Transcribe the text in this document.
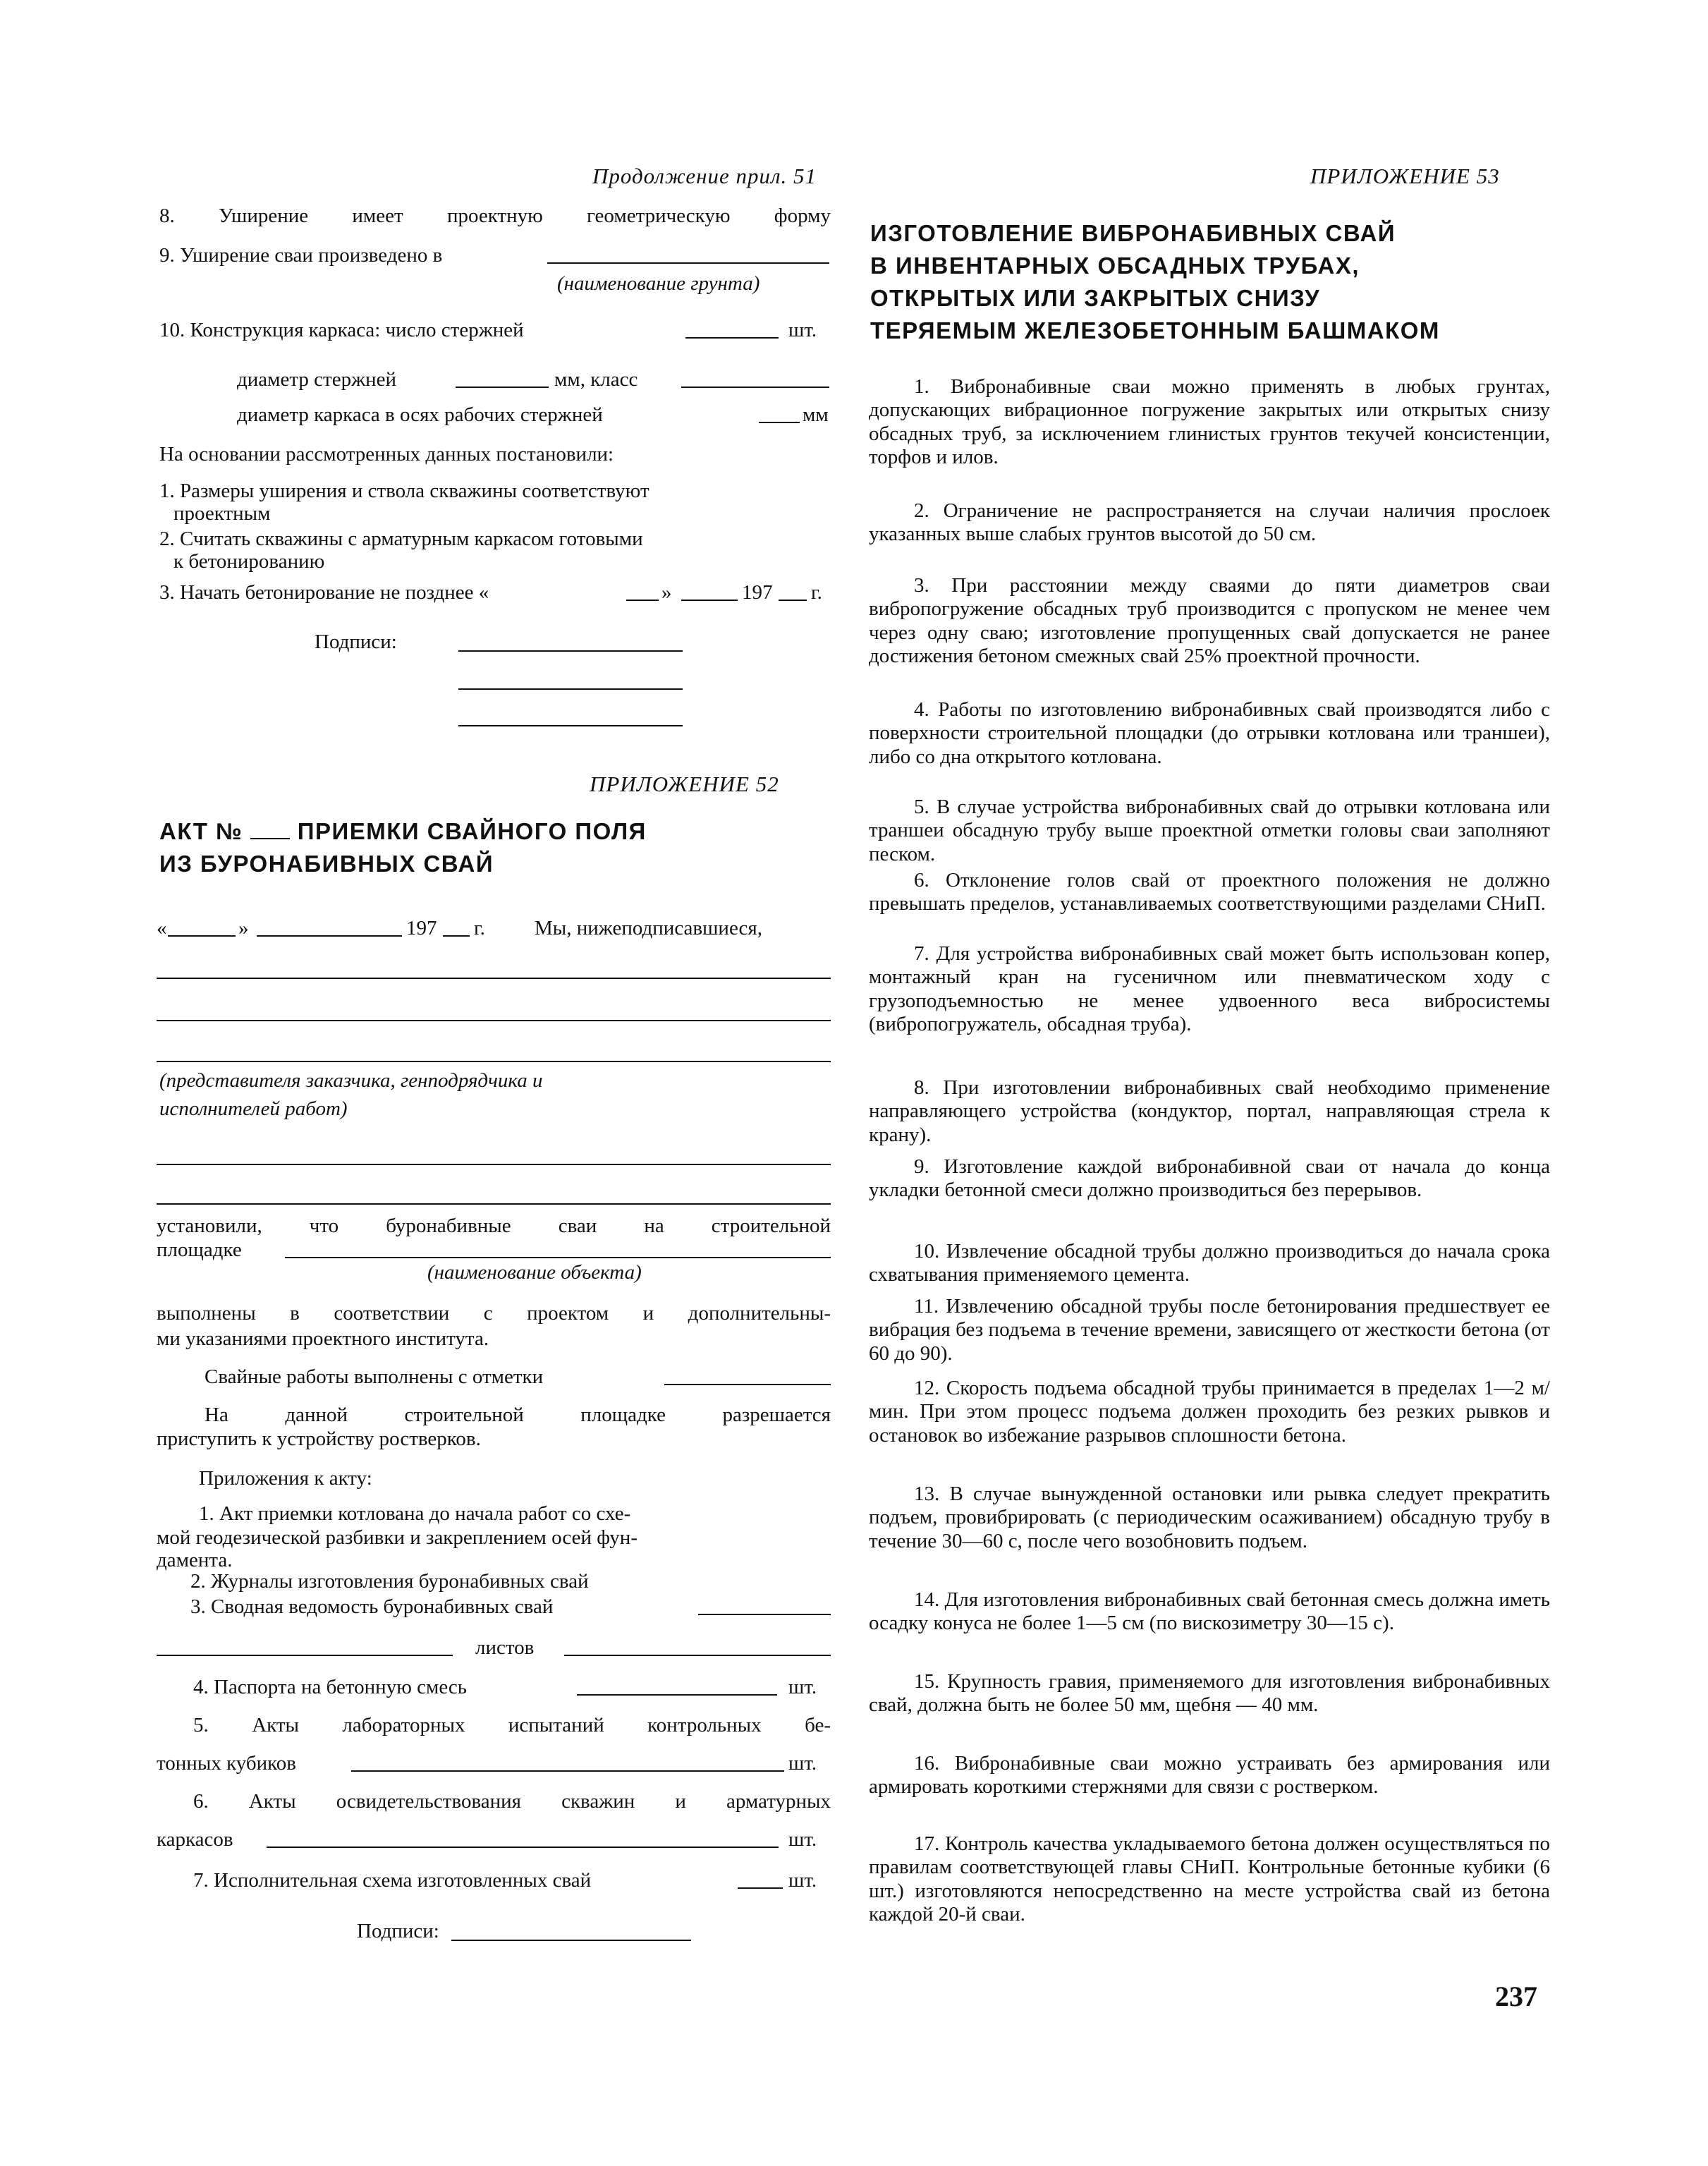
Продолжение прил. 51
8. Уширение имеет проектную геометрическую форму
9. Уширение сваи произведено в
(наименование грунта)
10. Конструкция каркаса: число стержней	шт.
диаметр стержней	мм, класс
диаметр каркаса в осях рабочих стержней	мм
На основании рассмотренных данных постановили:
1. Размеры уширения и ствола скважины соответствуют
проектным
2. Считать скважины с арматурным каркасом готовыми
к бетонированию
3. Начать бетонирование не позднее «	»	197 г.
Подписи:
ПРИЛОЖЕНИЕ 52
АКТ № ПРИЕМКИ СВАЙНОГО ПОЛЯ
ИЗ БУРОНАБИВНЫХ СВАЙ
«	»	197 г. Мы, нижеподписавшиеся,
(представителя заказчика, генподрядчика и
исполнителей работ)
установили, что буронабивные сваи на строительной
площадке
(наименование объекта)
выполнены в соответствии с проектом и дополнительны-
ми указаниями проектного института.
Свайные работы выполнены с отметки
На данной строительной площадке разрешается
приступить к устройству ростверков.
Приложения к акту:
1. Акт приемки котлована до начала работ со схе-
мой геодезической разбивки и закреплением осей фун-
дамента.
2. Журналы изготовления буронабивных свай
3. Сводная ведомость буронабивных свай
листов
4. Паспорта на бетонную смесь	шт.
5. Акты лабораторных испытаний контрольных бе-
тонных кубиков	шт.
6. Акты освидетельствования скважин и арматурных
каркасов	шт.
7. Исполнительная схема изготовленных свай	шт.
Подписи:
ПРИЛОЖЕНИЕ 53
ИЗГОТОВЛЕНИЕ ВИБРОНАБИВНЫХ СВАЙ
В ИНВЕНТАРНЫХ ОБСАДНЫХ ТРУБАХ,
ОТКРЫТЫХ ИЛИ ЗАКРЫТЫХ СНИЗУ
ТЕРЯЕМЫМ ЖЕЛЕЗОБЕТОННЫМ БАШМАКОМ
1. Вибронабивные сваи можно применять в любых грунтах, допускающих вибрационное погружение закрытых или открытых снизу обсадных труб, за исключением глинистых грунтов текучей консистенции, торфов и илов.
2. Ограничение не распространяется на случаи наличия прослоек указанных выше слабых грунтов высотой до 50 см.
3. При расстоянии между сваями до пяти диаметров сваи вибропогружение обсадных труб производится с пропуском не менее чем через одну сваю; изготовление пропущенных свай допускается не ранее достижения бетоном смежных свай 25% проектной прочности.
4. Работы по изготовлению вибронабивных свай производятся либо с поверхности строительной площадки (до отрывки котлована или траншеи), либо со дна открытого котлована.
5. В случае устройства вибронабивных свай до отрывки котлована или траншеи обсадную трубу выше проектной отметки головы сваи заполняют песком.
6. Отклонение голов свай от проектного положения не должно превышать пределов, устанавливаемых соответствующими разделами СНиП.
7. Для устройства вибронабивных свай может быть использован копер, монтажный кран на гусеничном или пневматическом ходу с грузоподъемностью не менее удвоенного веса вибросистемы (вибропогружатель, обсадная труба).
8. При изготовлении вибронабивных свай необходимо применение направляющего устройства (кондуктор, портал, направляющая стрела к крану).
9. Изготовление каждой вибронабивной сваи от начала до конца укладки бетонной смеси должно производиться без перерывов.
10. Извлечение обсадной трубы должно производиться до начала срока схватывания применяемого цемента.
11. Извлечению обсадной трубы после бетонирования предшествует ее вибрация без подъема в течение времени, зависящего от жесткости бетона (от 60 до 90).
12. Скорость подъема обсадной трубы принимается в пределах 1—2 м/мин. При этом процесс подъема должен проходить без резких рывков и остановок во избежание разрывов сплошности бетона.
13. В случае вынужденной остановки или рывка следует прекратить подъем, провибрировать (с периодическим осаживанием) обсадную трубу в течение 30—60 с, после чего возобновить подъем.
14. Для изготовления вибронабивных свай бетонная смесь должна иметь осадку конуса не более 1—5 см (по вискозиметру 30—15 с).
15. Крупность гравия, применяемого для изготовления вибронабивных свай, должна быть не более 50 мм, щебня — 40 мм.
16. Вибронабивные сваи можно устраивать без армирования или армировать короткими стержнями для связи с ростверком.
17. Контроль качества укладываемого бетона должен осуществляться по правилам соответствующей главы СНиП. Контрольные бетонные кубики (6 шт.) изготовляются непосредственно на месте устройства свай из бетона каждой 20-й сваи.
237
